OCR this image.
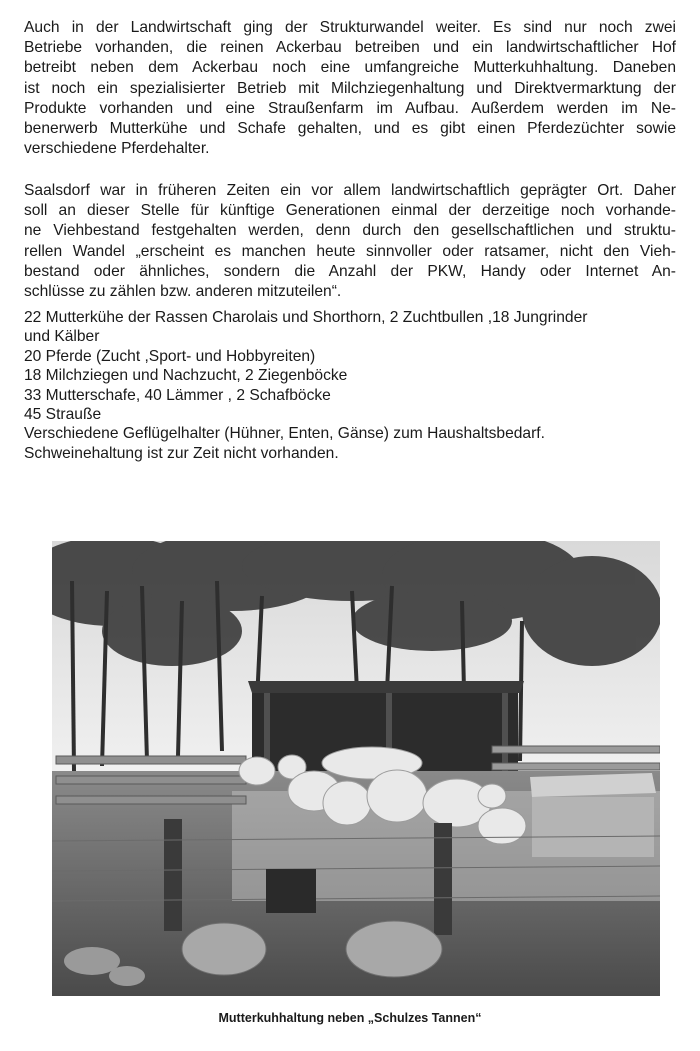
Auch in der Landwirtschaft ging der Strukturwandel weiter. Es sind nur noch zwei
Betriebe vorhanden, die reinen Ackerbau betreiben und ein landwirtschaftlicher Hof
betreibt neben dem Ackerbau noch eine umfangreiche Mutterkuhhaltung. Daneben
ist noch ein spezialisierter Betrieb mit Milchziegenhaltung und Direktvermarktung der
Produkte vorhanden und eine Straußenfarm im Aufbau. Außerdem werden im Ne-
benerwerb Mutterkühe und Schafe gehalten, und es gibt einen Pferdezüchter sowie
verschiedene Pferdehalter.

Saalsdorf war in früheren Zeiten ein vor allem landwirtschaftlich geprägter Ort. Daher
soll an dieser Stelle für künftige Generationen einmal der derzeitige noch vorhande-
ne Viehbestand festgehalten werden, denn durch den gesellschaftlichen und struktu-
rellen Wandel „erscheint es manchen heute sinnvoller oder ratsamer, nicht den Vieh-
bestand oder ähnliches, sondern die Anzahl der PKW, Handy oder Internet An-
schlüsse zu zählen bzw. anderen mitzuteilen“.

22 Mutterkühe der Rassen Charolais und Shorthorn, 2 Zuchtbullen ,18 Jungrinder
und Kälber
20 Pferde (Zucht ,Sport- und Hobbyreiten)
18 Milchziegen und Nachzucht, 2 Ziegenböcke
33 Mutterschafe, 40 Lämmer , 2 Schafböcke
45 Strauße
Verschiedene Geflügelhalter (Hühner, Enten, Gänse) zum Haushaltsbedarf.
Schweinehaltung ist zur Zeit nicht vorhanden.
Mutterkuhhaltung neben „Schulzes Tannen“
